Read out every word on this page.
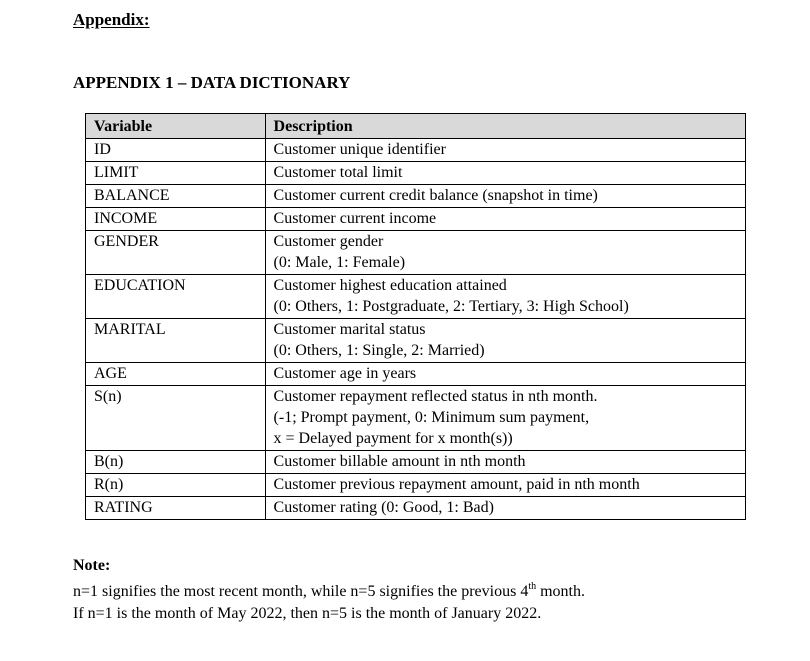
Appendix:
APPENDIX 1 – DATA DICTIONARY
Variable	Description
ID	Customer unique identifier
LIMIT	Customer total limit
BALANCE	Customer current credit balance (snapshot in time)
INCOME	Customer current income
GENDER	Customer gender
(0: Male, 1: Female)
EDUCATION	Customer highest education attained
(0: Others, 1: Postgraduate, 2: Tertiary, 3: High School)
MARITAL	Customer marital status
(0: Others, 1: Single, 2: Married)
AGE	Customer age in years
S(n)	Customer repayment reflected status in nth month.
(-1; Prompt payment, 0: Minimum sum payment,
x = Delayed payment for x month(s))
B(n)	Customer billable amount in nth month
R(n)	Customer previous repayment amount, paid in nth month
RATING	Customer rating (0: Good, 1: Bad)
Note:
n=1 signifies the most recent month, while n=5 signifies the previous 4th month.
If n=1 is the month of May 2022, then n=5 is the month of January 2022.
